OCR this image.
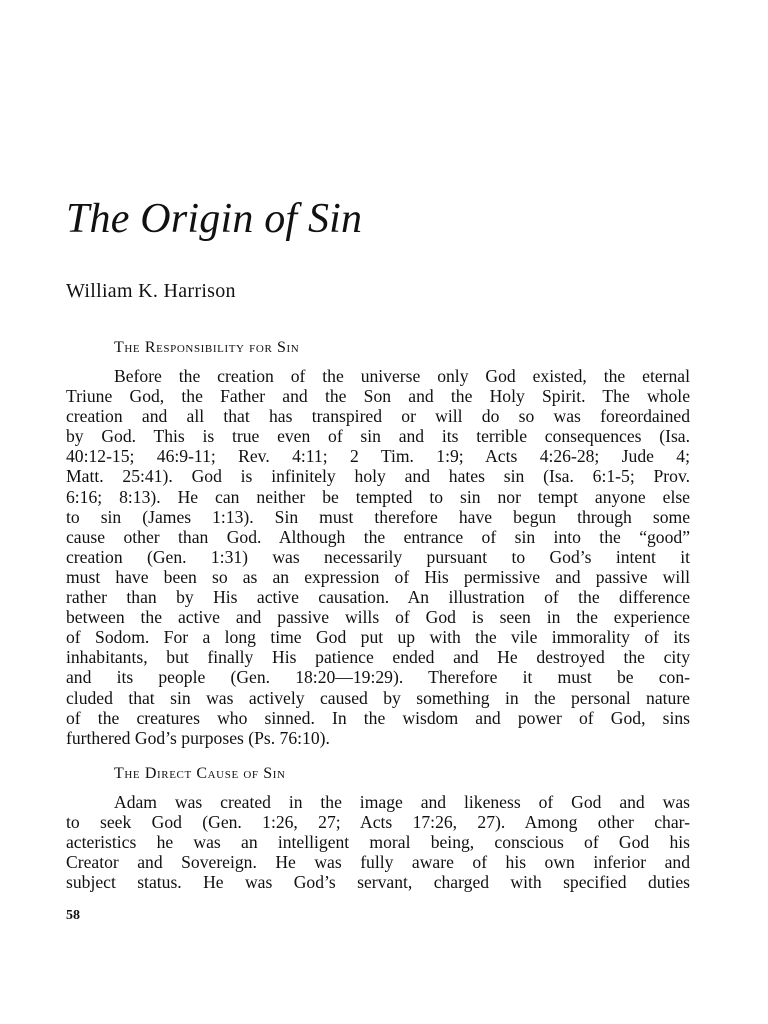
The Origin of Sin
William K. Harrison
The Responsibility for Sin
Before the creation of the universe only God existed, the eternal
Triune God, the Father and the Son and the Holy Spirit. The whole
creation and all that has transpired or will do so was foreordained
by God. This is true even of sin and its terrible consequences (Isa.
40:12-15; 46:9-11; Rev. 4:11; 2 Tim. 1:9; Acts 4:26-28; Jude 4;
Matt. 25:41). God is infinitely holy and hates sin (Isa. 6:1-5; Prov.
6:16; 8:13). He can neither be tempted to sin nor tempt anyone else
to sin (James 1:13). Sin must therefore have begun through some
cause other than God. Although the entrance of sin into the “good”
creation (Gen. 1:31) was necessarily pursuant to God’s intent it
must have been so as an expression of His permissive and passive will
rather than by His active causation. An illustration of the difference
between the active and passive wills of God is seen in the experience
of Sodom. For a long time God put up with the vile immorality of its
inhabitants, but finally His patience ended and He destroyed the city
and its people (Gen. 18:20—19:29). Therefore it must be con-
cluded that sin was actively caused by something in the personal nature
of the creatures who sinned. In the wisdom and power of God, sins
furthered God’s purposes (Ps. 76:10).
The Direct Cause of Sin
Adam was created in the image and likeness of God and was
to seek God (Gen. 1:26, 27; Acts 17:26, 27). Among other char-
acteristics he was an intelligent moral being, conscious of God his
Creator and Sovereign. He was fully aware of his own inferior and
subject status. He was God’s servant, charged with specified duties
58
